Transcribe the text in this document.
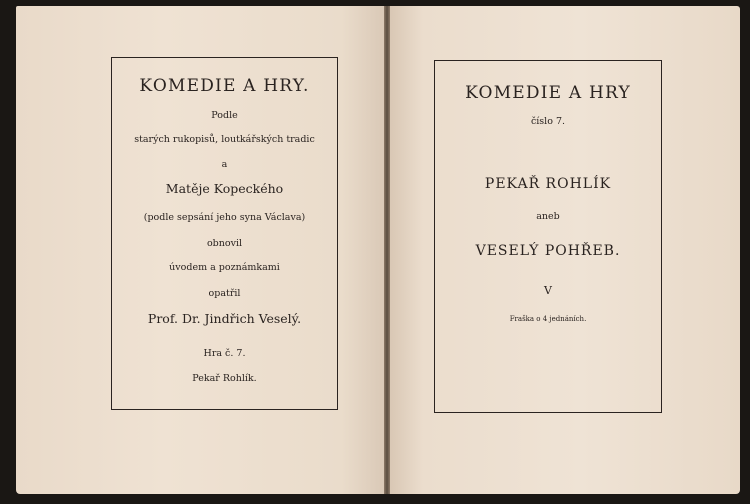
KOMEDIE A HRY.
Podle
starých rukopisů, loutkářských tradic
a
Matěje Kopeckého
(podle sepsání jeho syna Václava)
obnovil
úvodem a poznámkami
opatřil
Prof. Dr. Jindřich Veselý.
Hra č. 7.
Pekař Rohlík.
KOMEDIE A HRY
číslo 7.
PEKAŘ ROHLÍK
aneb
VESELÝ POHŘEB.
V
Fraška o 4 jednáních.
